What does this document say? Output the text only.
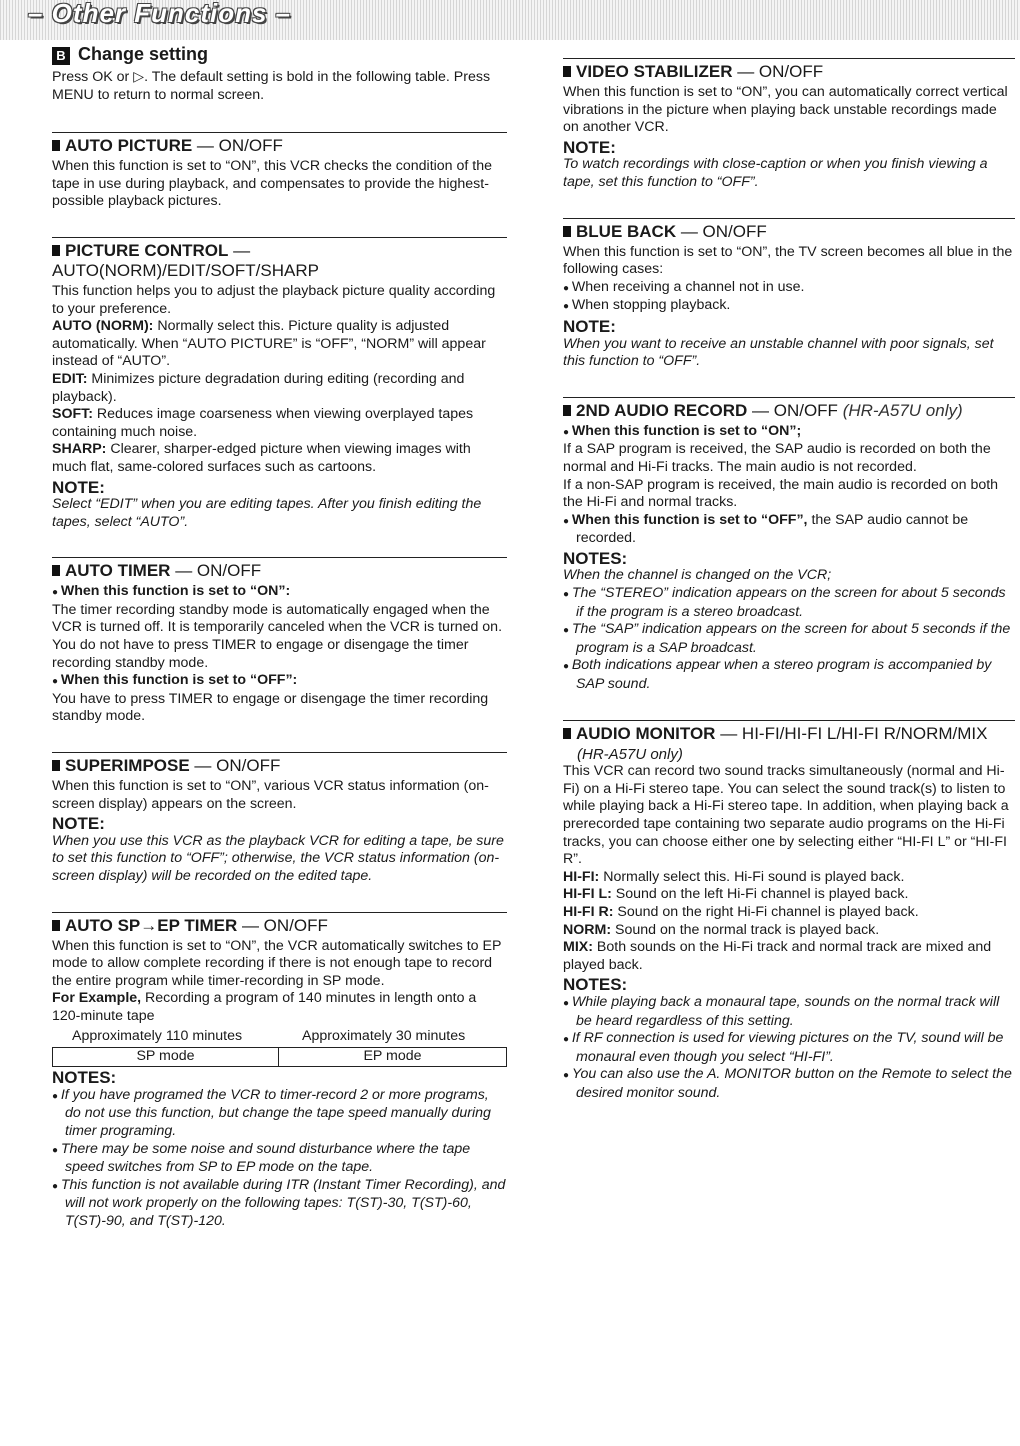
– Other Functions –
B Change setting

Press OK or ▷. The default setting is bold in the following table. Press MENU to return to normal screen.

AUTO PICTURE — ON/OFF

When this function is set to “ON”, this VCR checks the condition of the tape in use during playback, and compensates to provide the highest-possible playback pictures.

PICTURE CONTROL — AUTO(NORM)/EDIT/SOFT/SHARP

This function helps you to adjust the playback picture quality according to your preference.

AUTO (NORM): Normally select this. Picture quality is adjusted automatically. When “AUTO PICTURE” is “OFF”, “NORM” will appear instead of “AUTO”.

EDIT: Minimizes picture degradation during editing (recording and playback).

SOFT: Reduces image coarseness when viewing overplayed tapes containing much noise.

SHARP: Clearer, sharper-edged picture when viewing images with much flat, same-colored surfaces such as cartoons.

NOTE:

Select “EDIT” when you are editing tapes. After you finish editing the tapes, select “AUTO”.

AUTO TIMER — ON/OFF

● When this function is set to “ON”:

The timer recording standby mode is automatically engaged when the VCR is turned off. It is temporarily canceled when the VCR is turned on. You do not have to press TIMER to engage or disengage the timer recording standby mode.

● When this function is set to “OFF”:

You have to press TIMER to engage or disengage the timer recording standby mode.

SUPERIMPOSE — ON/OFF

When this function is set to “ON”, various VCR status information (on-screen display) appears on the screen.

NOTE:

When you use this VCR as the playback VCR for editing a tape, be sure to set this function to “OFF”; otherwise, the VCR status information (on-screen display) will be recorded on the edited tape.

AUTO SP→EP TIMER — ON/OFF

When this function is set to “ON”, the VCR automatically switches to EP mode to allow complete recording if there is not enough tape to record the entire program while timer-recording in SP mode.

For Example, Recording a program of 140 minutes in length onto a 120-minute tape

Approximately 110 minutes	Approximately 30 minutes
SP mode	EP mode
NOTES:

● If you have programed the VCR to timer-record 2 or more programs, do not use this function, but change the tape speed manually during timer programing.

● There may be some noise and sound disturbance where the tape speed switches from SP to EP mode on the tape.

● This function is not available during ITR (Instant Timer Recording), and will not work properly on the following tapes: T(ST)-30, T(ST)-60, T(ST)-90, and T(ST)-120.

VIDEO STABILIZER — ON/OFF

When this function is set to “ON”, you can automatically correct vertical vibrations in the picture when playing back unstable recordings made on another VCR.

NOTE:

To watch recordings with close-caption or when you finish viewing a tape, set this function to “OFF”.

BLUE BACK — ON/OFF

When this function is set to “ON”, the TV screen becomes all blue in the following cases:

● When receiving a channel not in use.

● When stopping playback.

NOTE:

When you want to receive an unstable channel with poor signals, set this function to “OFF”.

2ND AUDIO RECORD — ON/OFF (HR-A57U only)

● When this function is set to “ON”;

If a SAP program is received, the SAP audio is recorded on both the normal and Hi-Fi tracks. The main audio is not recorded.

If a non-SAP program is received, the main audio is recorded on both the Hi-Fi and normal tracks.

● When this function is set to “OFF”, the SAP audio cannot be recorded.

NOTES:

When the channel is changed on the VCR;

● The “STEREO” indication appears on the screen for about 5 seconds if the program is a stereo broadcast.

● The “SAP” indication appears on the screen for about 5 seconds if the program is a SAP broadcast.

● Both indications appear when a stereo program is accompanied by SAP sound.

AUDIO MONITOR — HI-FI/HI-FI L/HI-FI R/NORM/MIX

(HR-A57U only)

This VCR can record two sound tracks simultaneously (normal and Hi-Fi) on a Hi-Fi stereo tape. You can select the sound track(s) to listen to while playing back a Hi-Fi stereo tape. In addition, when playing back a prerecorded tape containing two separate audio programs on the Hi-Fi tracks, you can choose either one by selecting either “HI-FI L” or “HI-FI R”.

HI-FI: Normally select this. Hi-Fi sound is played back.

HI-FI L: Sound on the left Hi-Fi channel is played back.

HI-FI R: Sound on the right Hi-Fi channel is played back.

NORM: Sound on the normal track is played back.

MIX: Both sounds on the Hi-Fi track and normal track are mixed and played back.

NOTES:

● While playing back a monaural tape, sounds on the normal track will be heard regardless of this setting.

● If RF connection is used for viewing pictures on the TV, sound will be monaural even though you select “HI-FI”.

● You can also use the A. MONITOR button on the Remote to select the desired monitor sound.
